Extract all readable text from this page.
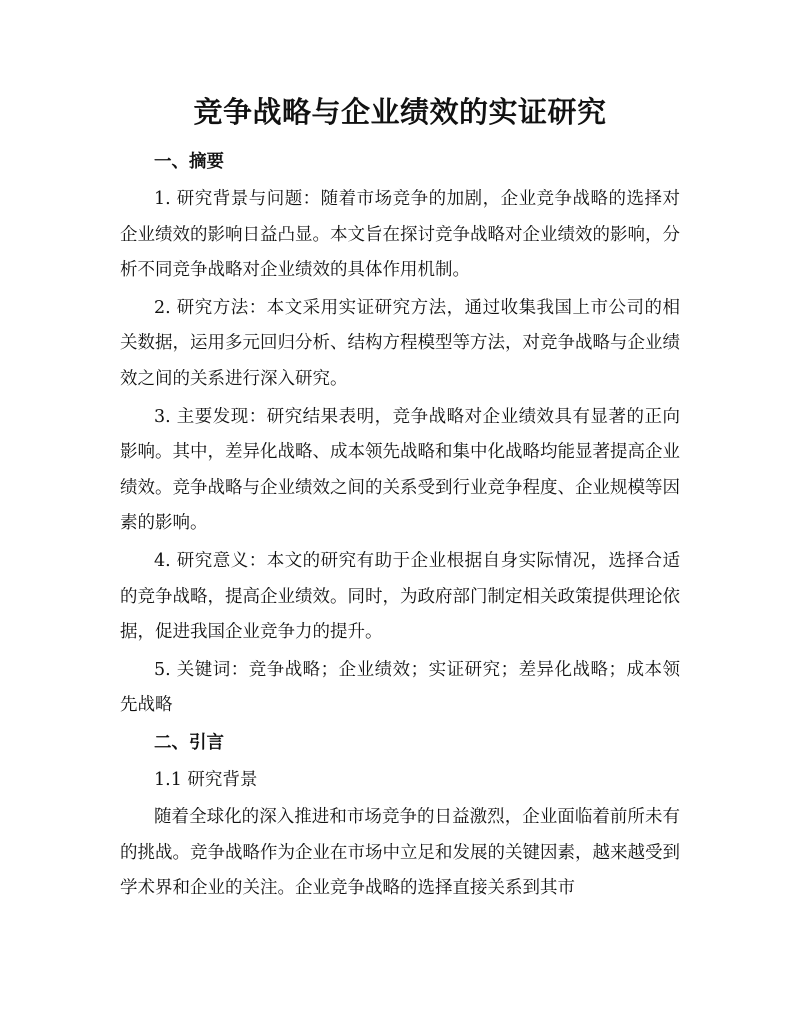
竞争战略与企业绩效的实证研究
一、摘要

1. 研究背景与问题：随着市场竞争的加剧，企业竞争战略的选择对企业绩效的影响日益凸显。本文旨在探讨竞争战略对企业绩效的影响，分析不同竞争战略对企业绩效的具体作用机制。

2. 研究方法：本文采用实证研究方法，通过收集我国上市公司的相关数据，运用多元回归分析、结构方程模型等方法，对竞争战略与企业绩效之间的关系进行深入研究。

3. 主要发现：研究结果表明，竞争战略对企业绩效具有显著的正向影响。其中，差异化战略、成本领先战略和集中化战略均能显著提高企业绩效。竞争战略与企业绩效之间的关系受到行业竞争程度、企业规模等因素的影响。

4. 研究意义：本文的研究有助于企业根据自身实际情况，选择合适的竞争战略，提高企业绩效。同时，为政府部门制定相关政策提供理论依据，促进我国企业竞争力的提升。

5. 关键词：竞争战略；企业绩效；实证研究；差异化战略；成本领先战略

二、引言
1.1 研究背景

随着全球化的深入推进和市场竞争的日益激烈，企业面临着前所未有的挑战。竞争战略作为企业在市场中立足和发展的关键因素，越来越受到学术界和企业的关注。企业竞争战略的选择直接关系到其市
